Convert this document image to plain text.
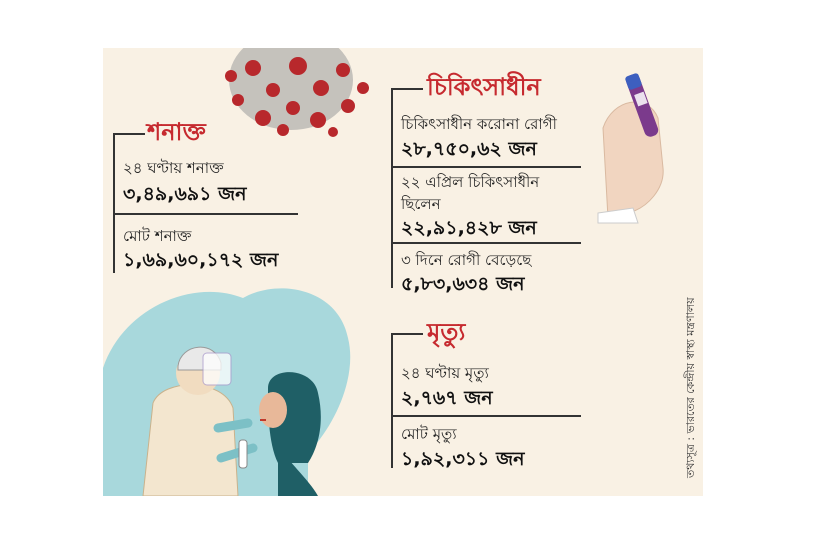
শনাক্ত
২৪ ঘণ্টায় শনাক্ত
৩,৪৯,৬৯১ জন
মোট শনাক্ত
১,৬৯,৬০,১৭২ জন
চিকিৎসাধীন
চিকিৎসাধীন করোনা রোগী
২৮,৭৫০,৬২ জন
২২ এপ্রিল চিকিৎসাধীন
ছিলেন
২২,৯১,৪২৮ জন
৩ দিনে রোগী বেড়েছে
৫,৮৩,৬৩৪ জন
মৃত্যু
২৪ ঘণ্টায় মৃত্যু
২,৭৬৭ জন
মোট মৃত্যু
১,৯২,৩১১ জন	তথ্যসূত্র : ভারতের কেন্দ্রীয় স্বাস্থ্য মন্ত্রণালয়
